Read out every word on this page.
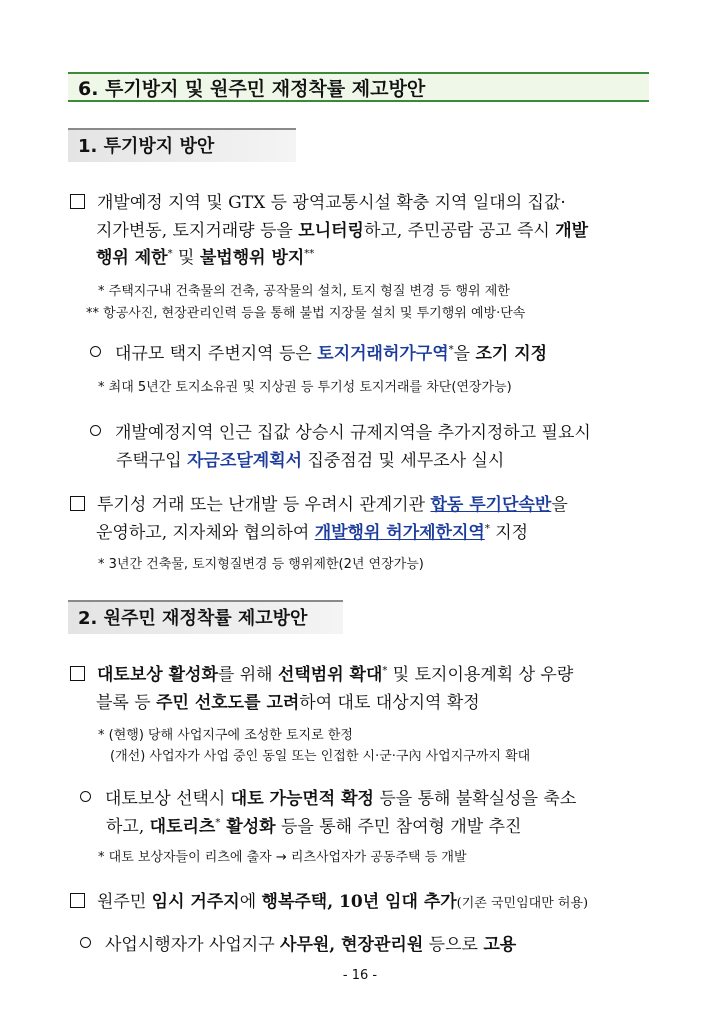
6. 투기방지 및 원주민 재정착률 제고방안
1. 투기방지 방안
개발예정 지역 및 GTX 등 광역교통시설 확충 지역 일대의 집값·
지가변동, 토지거래량 등을 모니터링하고, 주민공람 공고 즉시 개발
행위 제한* 및 불법행위 방지**
* 주택지구내 건축물의 건축, 공작물의 설치, 토지 형질 변경 등 행위 제한
** 항공사진, 현장관리인력 등을 통해 불법 지장물 설치 및 투기행위 예방·단속
대규모 택지 주변지역 등은 토지거래허가구역*을 조기 지정
* 최대 5년간 토지소유권 및 지상권 등 투기성 토지거래를 차단(연장가능)
개발예정지역 인근 집값 상승시 규제지역을 추가지정하고 필요시
주택구입 자금조달계획서 집중점검 및 세무조사 실시
투기성 거래 또는 난개발 등 우려시 관계기관 합동 투기단속반을
운영하고, 지자체와 협의하여 개발행위 허가제한지역* 지정
* 3년간 건축물, 토지형질변경 등 행위제한(2년 연장가능)
2. 원주민 재정착률 제고방안
대토보상 활성화를 위해 선택범위 확대* 및 토지이용계획 상 우량
블록 등 주민 선호도를 고려하여 대토 대상지역 확정
* (현행) 당해 사업지구에 조성한 토지로 한정
(개선) 사업자가 사업 중인 동일 또는 인접한 시·군·구內 사업지구까지 확대
대토보상 선택시 대토 가능면적 확정 등을 통해 불확실성을 축소
하고, 대토리츠* 활성화 등을 통해 주민 참여형 개발 추진
* 대토 보상자들이 리츠에 출자 → 리츠사업자가 공동주택 등 개발
원주민 임시 거주지에 행복주택, 10년 임대 추가(기존 국민임대만 허용)
사업시행자가 사업지구 사무원, 현장관리원 등으로 고용
- 16 -
